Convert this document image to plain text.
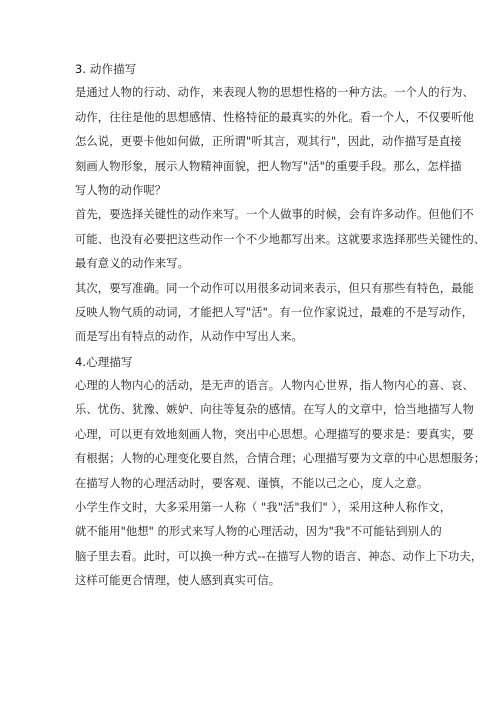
3. 动作描写
是通过人物的行动、动作，来表现人物的思想性格的一种方法。一个人的行为、
动作，往往是他的思想感情、性格特征的最真实的外化。看一个人，不仅要听他
怎么说，更要卡他如何做，正所谓"听其言，观其行"，因此，动作描写是直接
刻画人物形象，展示人物精神面貌，把人物写"活"的重要手段。那么，怎样描
写人物的动作呢？
首先，要选择关键性的动作来写。一个人做事的时候，会有许多动作。但他们不
可能、也没有必要把这些动作一个不少地都写出来。这就要求选择那些关键性的、
最有意义的动作来写。
其次，要写准确。同一个动作可以用很多动词来表示，但只有那些有特色，最能
反映人物气质的动词，才能把人写"活"。有一位作家说过，最难的不是写动作，
而是写出有特点的动作，从动作中写出人来。
4.心理描写
心理的人物内心的活动，是无声的语言。人物内心世界，指人物内心的喜、哀、
乐、忧伤、犹豫、嫉妒、向往等复杂的感情。在写人的文章中，恰当地描写人物
心理，可以更有效地刻画人物，突出中心思想。心理描写的要求是：要真实，要
有根据；人物的心理变化要自然，合情合理；心理描写要为文章的中心思想服务；
在描写人物的心理活动时，要客观、谨慎，不能以己之心，度人之意。
小学生作文时，大多采用第一人称（ "我"活"我们" ），采用这种人称作文，
就不能用"他想" 的形式来写人物的心理活动，因为"我"不可能钻到别人的
脑子里去看。此时，可以换一种方式--在描写人物的语言、神态、动作上下功夫，
这样可能更合情理，使人感到真实可信。
